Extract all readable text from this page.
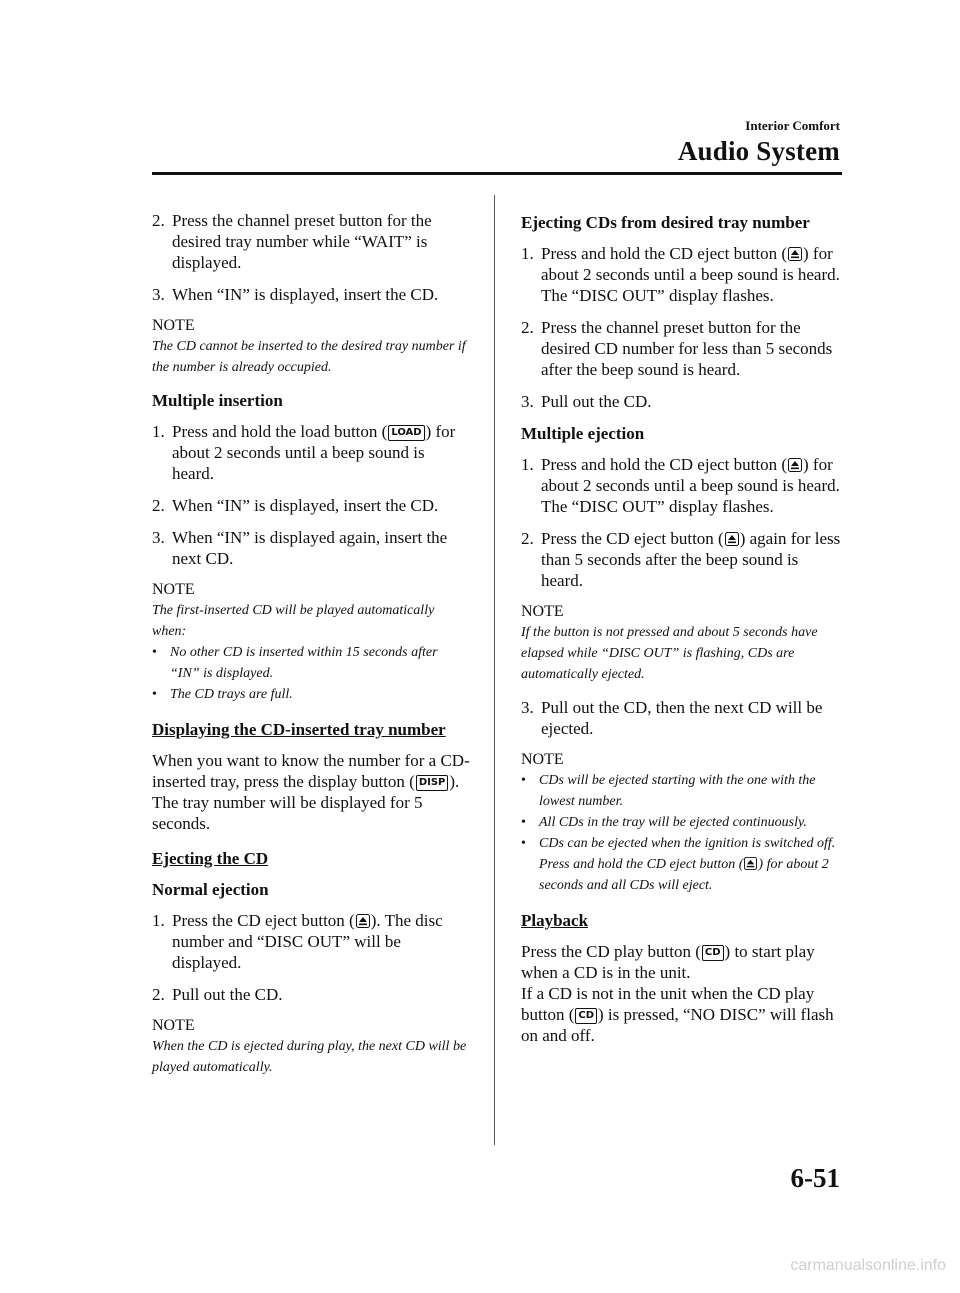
Interior Comfort
Audio System
2. Press the channel preset button for the desired tray number while “WAIT” is displayed.
3. When “IN” is displayed, insert the CD.
NOTE
The CD cannot be inserted to the desired tray number if the number is already occupied.
Multiple insertion
1. Press and hold the load button ( LOAD ) for about 2 seconds until a beep sound is heard.
2. When “IN” is displayed, insert the CD.
3. When “IN” is displayed again, insert the next CD.
NOTE
The first-inserted CD will be played automatically when:
• No other CD is inserted within 15 seconds after “IN” is displayed.
• The CD trays are full.
Displaying the CD-inserted tray number
When you want to know the number for a CD-inserted tray, press the display button ( DISP ). The tray number will be displayed for 5 seconds.
Ejecting the CD
Normal ejection
1. Press the CD eject button ( ). The disc number and “DISC OUT” will be displayed.
2. Pull out the CD.
NOTE
When the CD is ejected during play, the next CD will be played automatically.
Ejecting CDs from desired tray number
1. Press and hold the CD eject button ( ) for about 2 seconds until a beep sound is heard.
The “DISC OUT” display flashes.
2. Press the channel preset button for the desired CD number for less than 5 seconds after the beep sound is heard.
3. Pull out the CD.
Multiple ejection
1. Press and hold the CD eject button ( ) for about 2 seconds until a beep sound is heard.
The “DISC OUT” display flashes.
2. Press the CD eject button ( ) again for less than 5 seconds after the beep sound is heard.
NOTE
If the button is not pressed and about 5 seconds have elapsed while “DISC OUT” is flashing, CDs are automatically ejected.
3. Pull out the CD, then the next CD will be ejected.
NOTE
• CDs will be ejected starting with the one with the lowest number.
• All CDs in the tray will be ejected continuously.
• CDs can be ejected when the ignition is switched off. Press and hold the CD eject button ( ) for about 2 seconds and all CDs will eject.
Playback
Press the CD play button ( CD ) to start play when a CD is in the unit.
If a CD is not in the unit when the CD play button ( CD ) is pressed, “NO DISC” will flash on and off.
6-51
carmanualsonline.info
